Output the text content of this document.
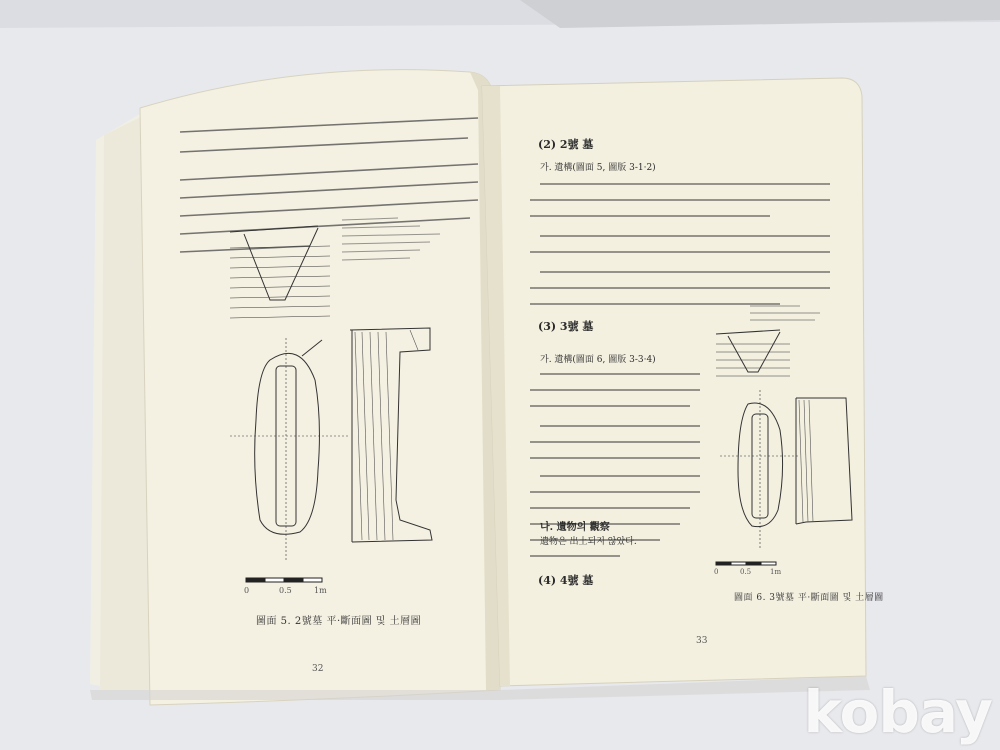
32
圖面 5. 2號墓 平·斷面圖 및 土層圖
0	0.5	1m
(2) 2號 墓
가. 遺構(圖面 5, 圖版 3-1·2)
(3) 3號 墓
가. 遺構(圖面 6, 圖版 3-3·4)
나. 遺物의 觀察
遺物은 出土되지 않았다.
(4) 4號 墓
圖面 6. 3號墓 平·斷面圖 및 土層圖
33
0	0.5	1m
kobay
